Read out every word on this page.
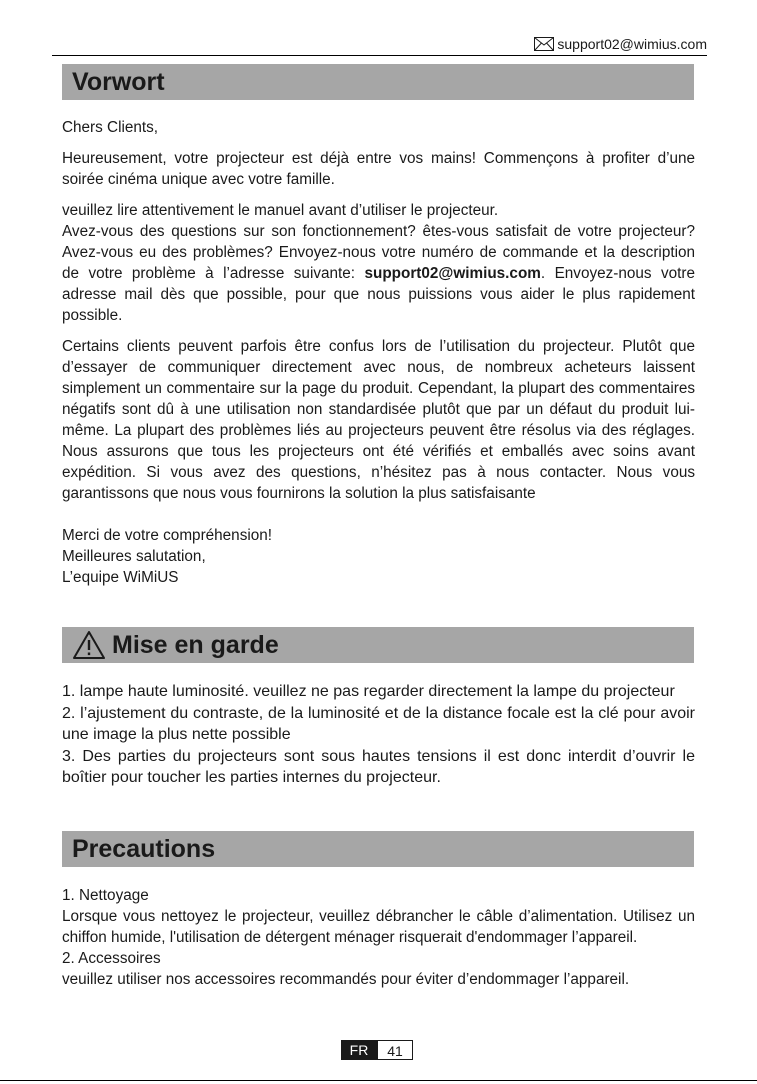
support02@wimius.com
Vorwort

Chers Clients,

Heureusement, votre projecteur est déjà entre vos mains! Commençons à profiter d’une soirée cinéma unique avec votre famille.

veuillez lire attentivement le manuel avant d’utiliser le projecteur.

Avez-vous des questions sur son fonctionnement? êtes-vous satisfait de votre projecteur? Avez-vous eu des problèmes? Envoyez-nous votre numéro de commande et la description de votre problème à l’adresse suivante: support02@wimius.com. Envoyez-nous votre adresse mail dès que possible, pour que nous puissions vous aider le plus rapidement possible.

Certains clients peuvent parfois être confus lors de l’utilisation du projecteur. Plutôt que d’essayer de communiquer directement avec nous, de nombreux acheteurs laissent simplement un commentaire sur la page du produit. Cependant, la plupart des commentaires négatifs sont dû à une utilisation non standardisée plutôt que par un défaut du produit lui-même. La plupart des problèmes liés au projecteurs peuvent être résolus via des réglages. Nous assurons que tous les projecteurs ont été vérifiés et emballés avec soins avant expédition. Si vous avez des questions, n’hésitez pas à nous contacter. Nous vous garantissons que nous vous fournirons la solution la plus satisfaisante

Merci de votre compréhension!

Meilleures salutation,

L’equipe WiMiUS

Mise en garde

1. lampe haute luminosité. veuillez ne pas regarder directement la lampe du projecteur

2. l’ajustement du contraste, de la luminosité et de la distance focale est la clé pour avoir une image la plus nette possible

3. Des parties du projecteurs sont sous hautes tensions il est donc interdit d’ouvrir le boîtier pour toucher les parties internes du projecteur.

Precautions

1. Nettoyage

Lorsque vous nettoyez le projecteur, veuillez débrancher le câble d’alimentation. Utilisez un chiffon humide, l'utilisation de détergent ménager risquerait d'endommager l’appareil.

2. Accessoires

veuillez utiliser nos accessoires recommandés pour éviter d’endommager l’appareil.

FR	41
